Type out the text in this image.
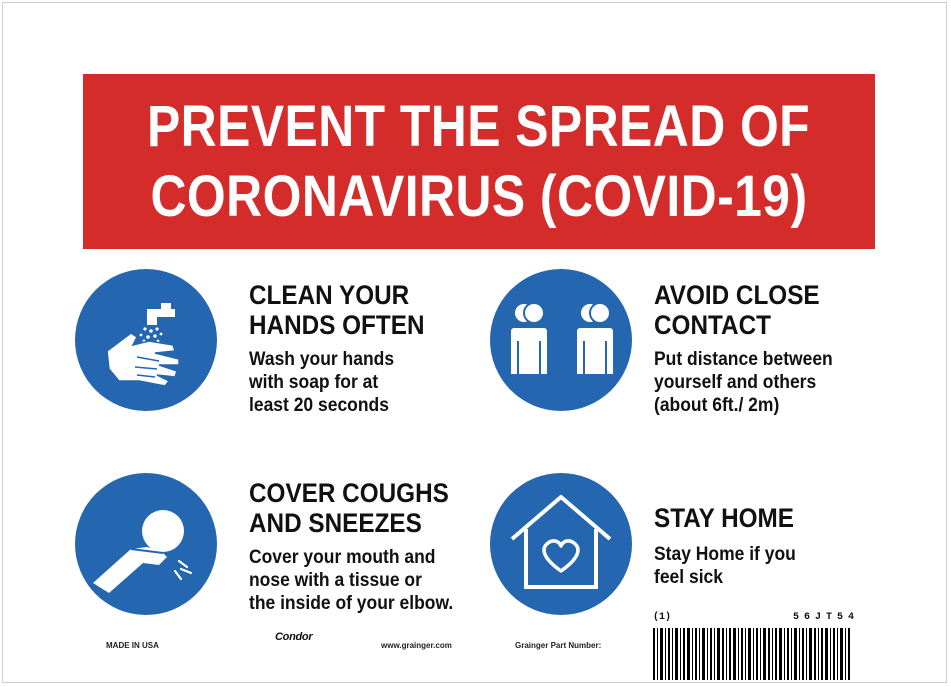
PREVENT THE SPREAD OF
CORONAVIRUS (COVID-19)
CLEAN YOUR
HANDS OFTEN
Wash your hands
with soap for at
least 20 seconds
AVOID CLOSE
CONTACT
Put distance between
yourself and others
(about 6ft./ 2m)
COVER COUGHS
AND SNEEZES
Cover your mouth and
nose with a tissue or
the inside of your elbow.
STAY HOME
Stay Home if you
feel sick
MADE IN USA
Condor
www.grainger.com	Grainger Part Number:
(1)	56JT54
